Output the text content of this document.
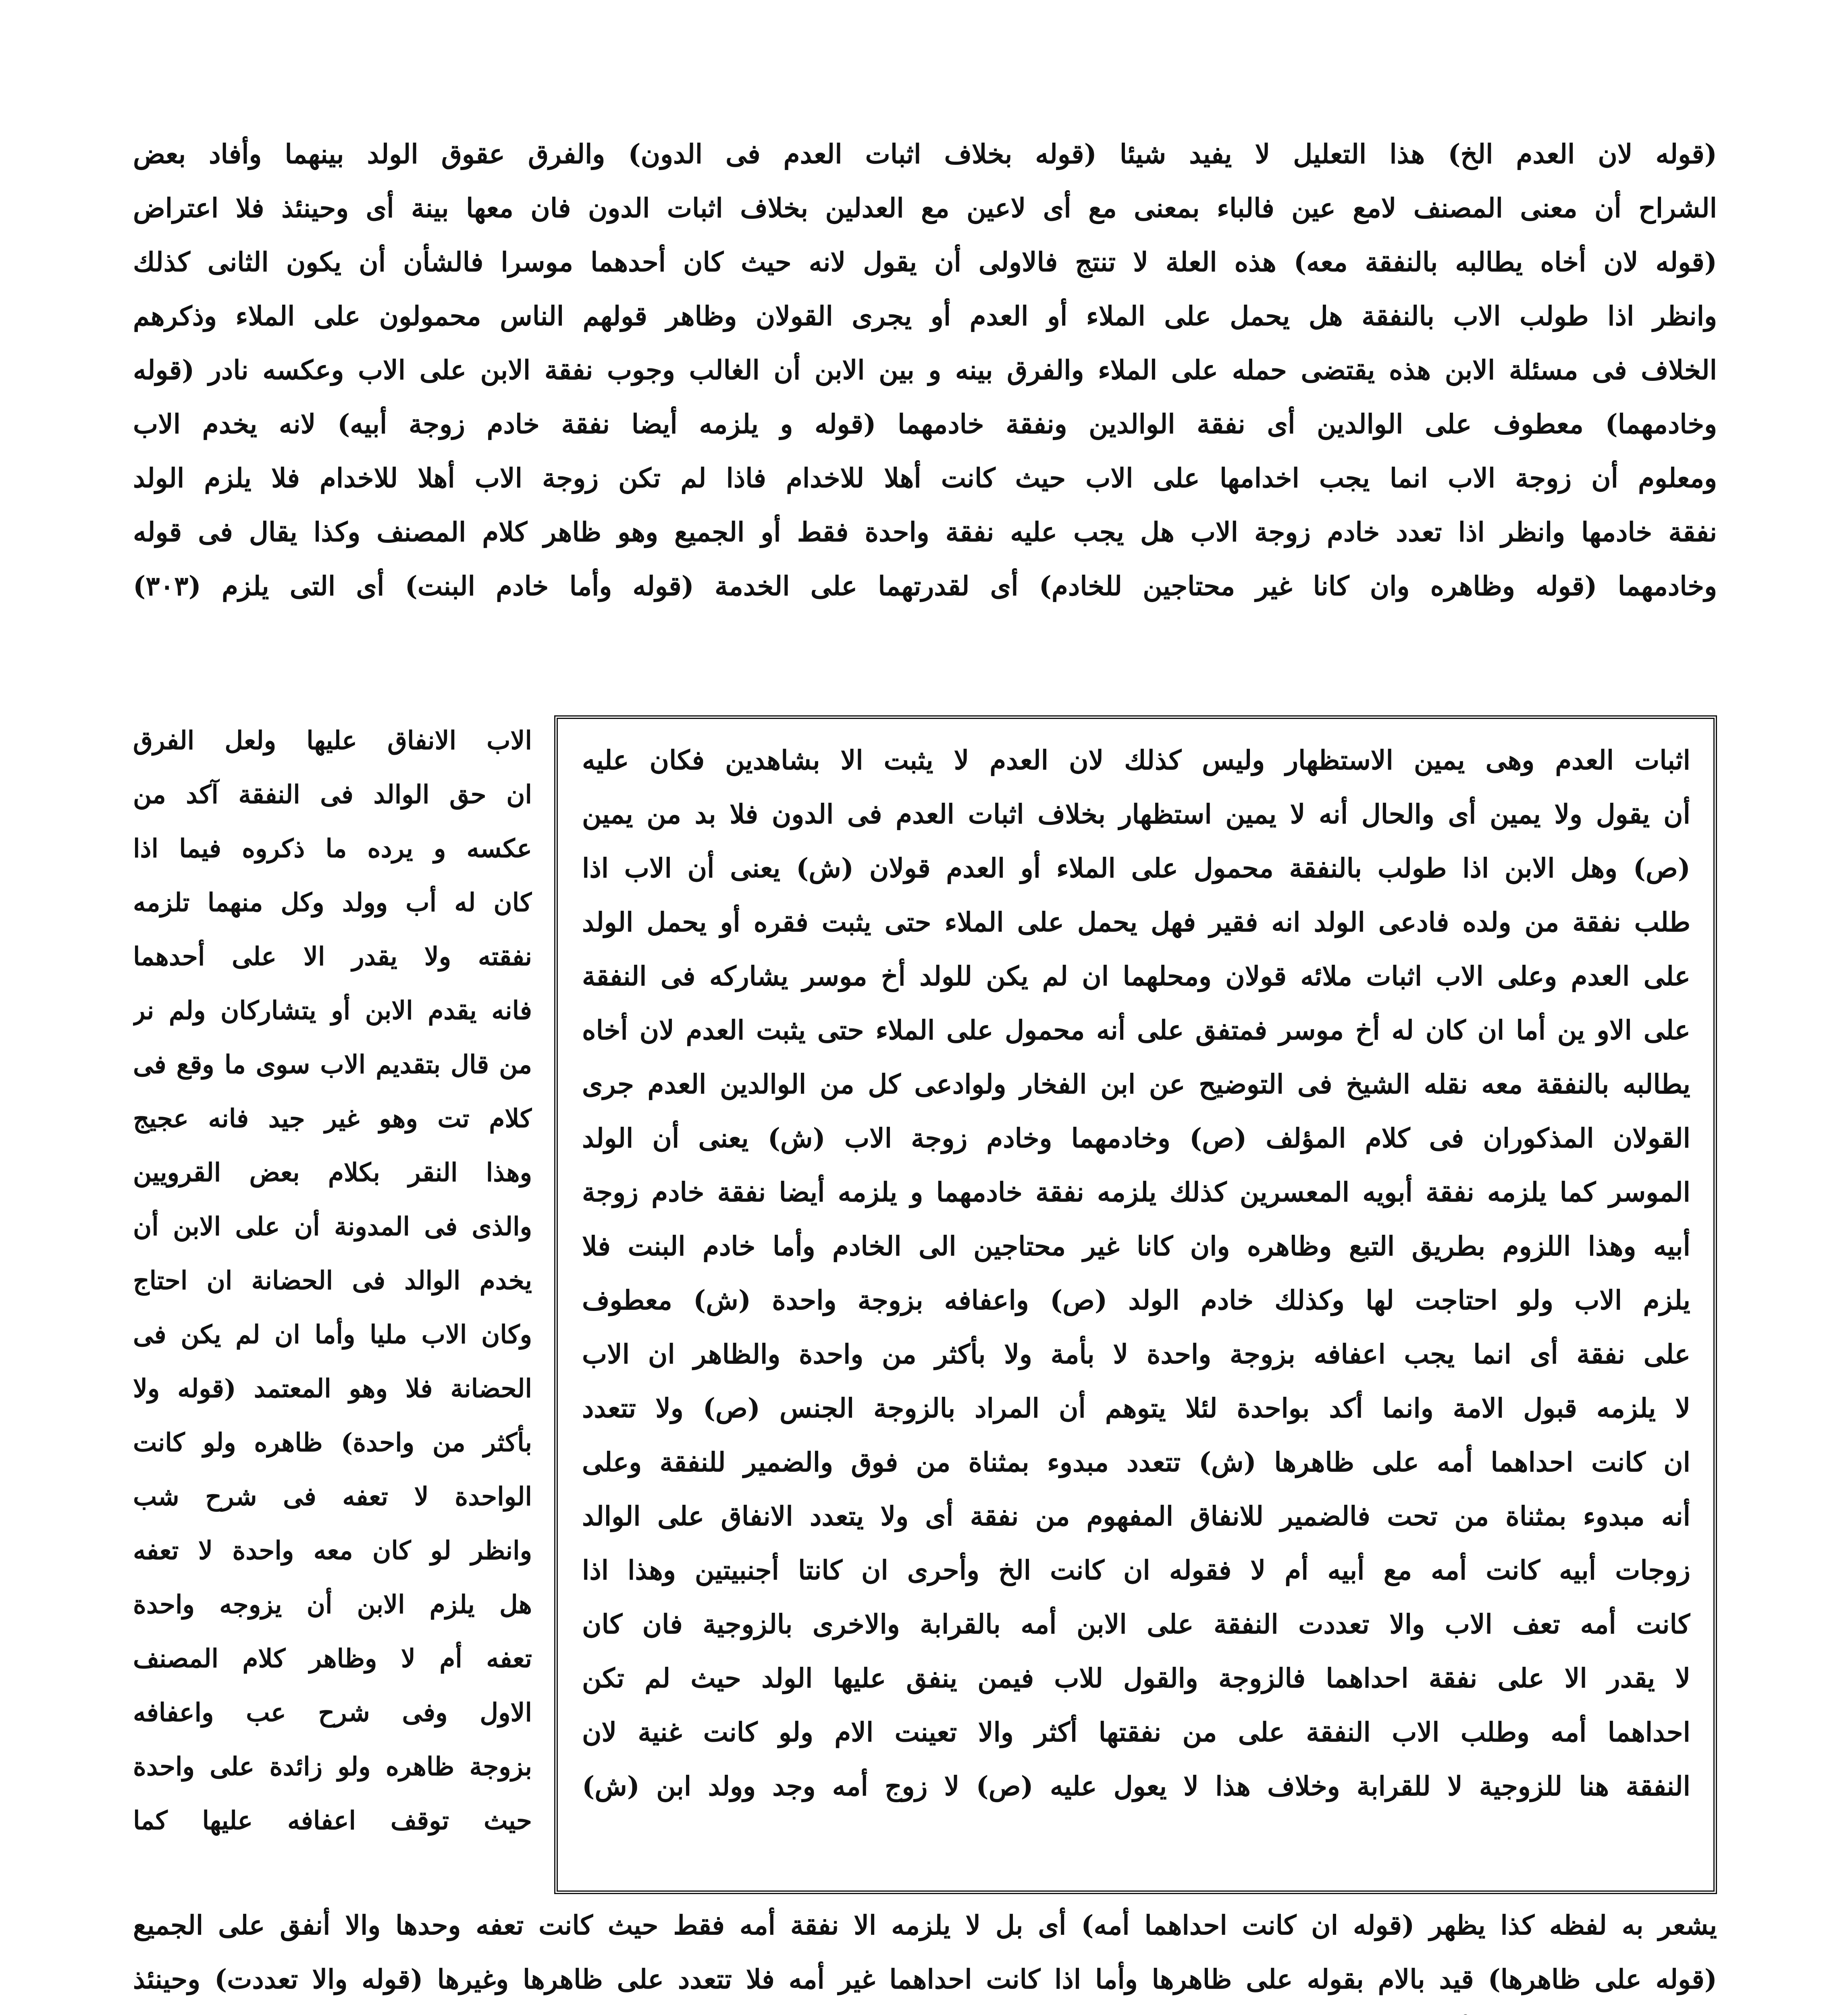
(قوله لان العدم الخ) هذا التعليل لا يفيد شيئا (قوله بخلاف اثبات العدم فى الدون) والفرق عقوق الولد بينهما وأفاد بعض
الشراح أن معنى المصنف لامع عين فالباء بمعنى مع أى لاعين مع العدلين بخلاف اثبات الدون فان معها بينة أى وحينئذ فلا اعتراض
(قوله لان أخاه يطالبه بالنفقة معه) هذه العلة لا تنتج فالاولى أن يقول لانه حيث كان أحدهما موسرا فالشأن أن يكون الثانى كذلك
وانظر اذا طولب الاب بالنفقة هل يحمل على الملاء أو العدم أو يجرى القولان وظاهر قولهم الناس محمولون على الملاء وذكرهم
الخلاف فى مسئلة الابن هذه يقتضى حمله على الملاء والفرق بينه و بين الابن أن الغالب وجوب نفقة الابن على الاب وعكسه نادر (قوله
وخادمهما) معطوف على الوالدين أى نفقة الوالدين ونفقة خادمهما (قوله و يلزمه أيضا نفقة خادم زوجة أبيه) لانه يخدم الاب
ومعلوم أن زوجة الاب انما يجب اخدامها على الاب حيث كانت أهلا للاخدام فاذا لم تكن زوجة الاب أهلا للاخدام فلا يلزم الولد
نفقة خادمها وانظر اذا تعدد خادم زوجة الاب هل يجب عليه نفقة واحدة فقط أو الجميع وهو ظاهر كلام المصنف وكذا يقال فى قوله
وخادمهما (قوله وظاهره وان كانا غير محتاجين للخادم) أى لقدرتهما على الخدمة (قوله وأما خادم البنت) أى التى يلزم (٣٠٣)
اثبات العدم وهى يمين الاستظهار وليس كذلك لان العدم لا يثبت الا بشاهدين فكان عليه
أن يقول ولا يمين أى والحال أنه لا يمين استظهار بخلاف اثبات العدم فى الدون فلا بد من يمين
(ص) وهل الابن اذا طولب بالنفقة محمول على الملاء أو العدم قولان (ش) يعنى أن الاب اذا
طلب نفقة من ولده فادعى الولد انه فقير فهل يحمل على الملاء حتى يثبت فقره أو يحمل الولد
على العدم وعلى الاب اثبات ملائه قولان ومحلهما ان لم يكن للولد أخ موسر يشاركه فى النفقة
على الاو ين أما ان كان له أخ موسر فمتفق على أنه محمول على الملاء حتى يثبت العدم لان أخاه
يطالبه بالنفقة معه نقله الشيخ فى التوضيح عن ابن الفخار ولوادعى كل من الوالدين العدم جرى
القولان المذكوران فى كلام المؤلف (ص) وخادمهما وخادم زوجة الاب (ش) يعنى أن الولد
الموسر كما يلزمه نفقة أبويه المعسرين كذلك يلزمه نفقة خادمهما و يلزمه أيضا نفقة خادم زوجة
أبيه وهذا اللزوم بطريق التبع وظاهره وان كانا غير محتاجين الى الخادم وأما خادم البنت فلا
يلزم الاب ولو احتاجت لها وكذلك خادم الولد (ص) واعفافه بزوجة واحدة (ش) معطوف
على نفقة أى انما يجب اعفافه بزوجة واحدة لا بأمة ولا بأكثر من واحدة والظاهر ان الاب
لا يلزمه قبول الامة وانما أكد بواحدة لئلا يتوهم أن المراد بالزوجة الجنس (ص) ولا تتعدد
ان كانت احداهما أمه على ظاهرها (ش) تتعدد مبدوء بمثناة من فوق والضمير للنفقة وعلى
أنه مبدوء بمثناة من تحت فالضمير للانفاق المفهوم من نفقة أى ولا يتعدد الانفاق على الوالد
زوجات أبيه كانت أمه مع أبيه أم لا فقوله ان كانت الخ وأحرى ان كانتا أجنبيتين وهذا اذا
كانت أمه تعف الاب والا تعددت النفقة على الابن أمه بالقرابة والاخرى بالزوجية فان كان
لا يقدر الا على نفقة احداهما فالزوجة والقول للاب فيمن ينفق عليها الولد حيث لم تكن
احداهما أمه وطلب الاب النفقة على من نفقتها أكثر والا تعينت الام ولو كانت غنية لان
النفقة هنا للزوجية لا للقرابة وخلاف هذا لا يعول عليه (ص) لا زوج أمه وجد وولد ابن (ش)
الاب الانفاق عليها ولعل الفرق
ان حق الوالد فى النفقة آكد من
عكسه و يرده ما ذكروه فيما اذا
كان له أب وولد وكل منهما تلزمه
نفقته ولا يقدر الا على أحدهما
فانه يقدم الابن أو يتشاركان ولم نر
من قال بتقديم الاب سوى ما وقع فى
كلام تت وهو غير جيد فانه عجيج
وهذا النقر بكلام بعض القرويين
والذى فى المدونة أن على الابن أن
يخدم الوالد فى الحضانة ان احتاج
وكان الاب مليا وأما ان لم يكن فى
الحضانة فلا وهو المعتمد (قوله ولا
بأكثر من واحدة) ظاهره ولو كانت
الواحدة لا تعفه فى شرح شب
وانظر لو كان معه واحدة لا تعفه
هل يلزم الابن أن يزوجه واحدة
تعفه أم لا وظاهر كلام المصنف
الاول وفى شرح عب واعفافه
بزوجة ظاهره ولو زائدة على واحدة
حيث توقف اعفافه عليها كما
يشعر به لفظه كذا يظهر (قوله ان كانت احداهما أمه) أى بل لا يلزمه الا نفقة أمه فقط حيث كانت تعفه وحدها والا أنفق على الجميع
(قوله على ظاهرها) قيد بالام بقوله على ظاهرها وأما اذا كانت احداهما غير أمه فلا تتعدد على ظاهرها وغيرها (قوله والا تعددت) وحينئذ
